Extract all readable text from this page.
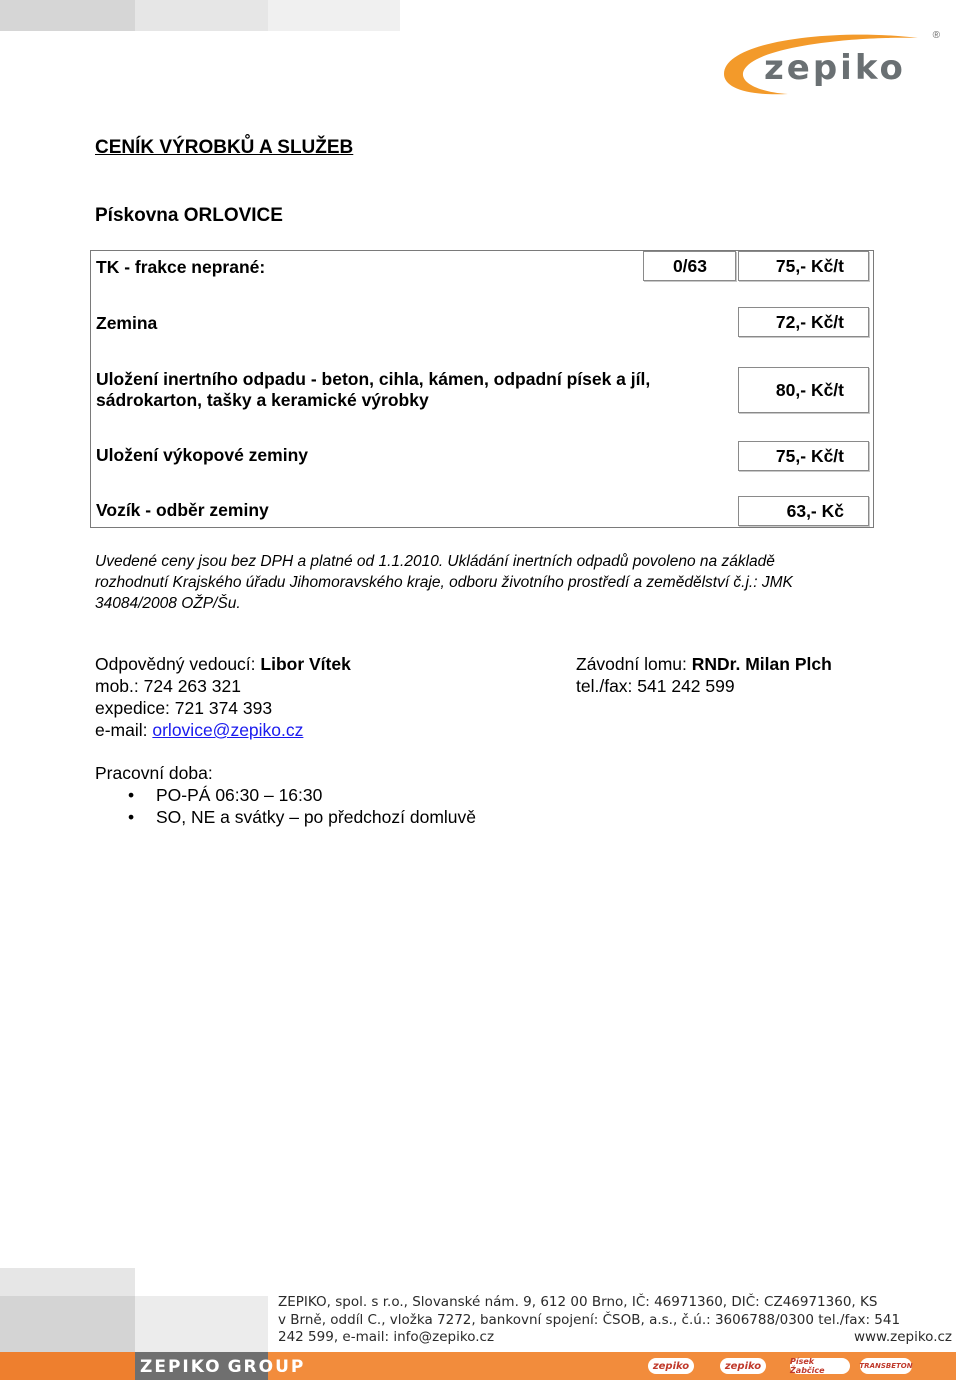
zepiko
®
CENÍK VÝROBKŮ A SLUŽEB
Pískovna ORLOVICE
TK - frakce neprané:	0/63	75,- Kč/t
Zemina	72,- Kč/t
Uložení inertního odpadu - beton, cihla, kámen, odpadní písek a jíl,
sádrokarton, tašky a keramické výrobky
80,- Kč/t
Uložení výkopové zeminy	75,- Kč/t
Vozík - odběr zeminy	63,- Kč
Uvedené ceny jsou bez DPH a platné od 1.1.2010. Ukládání inertních odpadů povoleno na základě
rozhodnutí Krajského úřadu Jihomoravského kraje, odboru životního prostředí a zemědělství č.j.: JMK
34084/2008 OŽP/Šu.
Odpovědný vedoucí: Libor Vítek
mob.: 724 263 321
expedice: 721 374 393
e-mail: orlovice@zepiko.cz
Závodní lomu: RNDr. Milan Plch
tel./fax: 541 242 599
Pracovní doba:
• PO-PÁ 06:30 – 16:30
• SO, NE a svátky – po předchozí domluvě
ZEPIKO GROUP	zepiko	zepiko	Písek Žabčice	TRANSBETON
ZEPIKO, spol. s r.o., Slovanské nám. 9, 612 00 Brno, IČ: 46971360, DIČ: CZ46971360, KS
v Brně, oddíl C., vložka 7272, bankovní spojení: ČSOB, a.s., č.ú.: 3606788/0300 tel./fax: 541
242 599, e-mail: info@zepiko.cz	www.zepiko.cz
